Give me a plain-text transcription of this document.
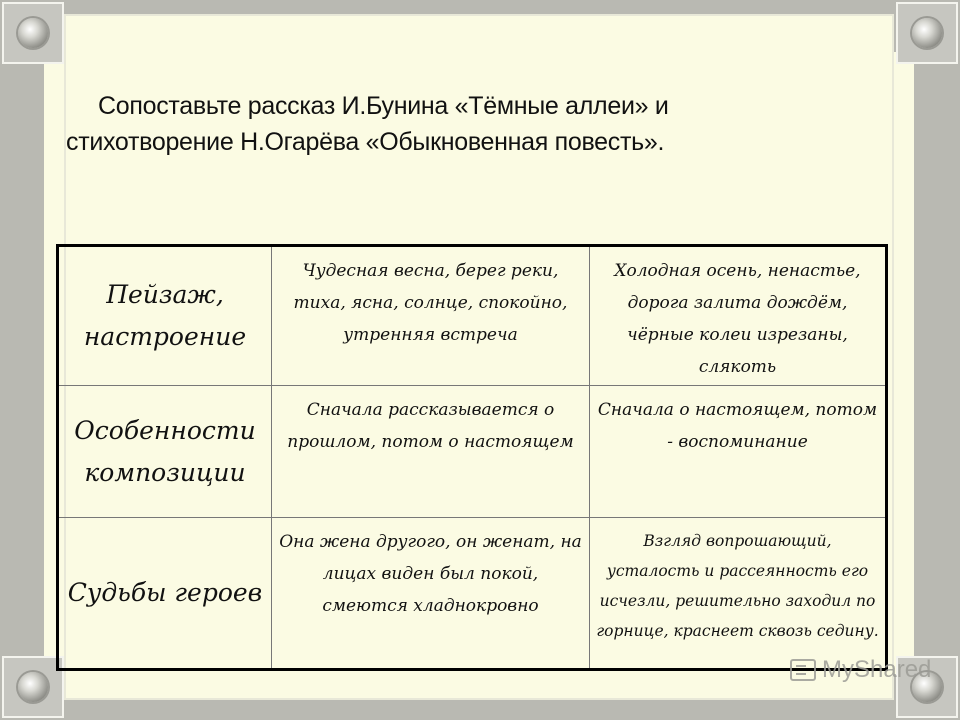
Сопоставьте рассказ И.Бунина «Тёмные аллеи» и
стихотворение Н.Огарёва «Обыкновенная повесть».
Пейзаж, настроение	Чудесная весна, берег реки, тиха, ясна, солнце, спокойно, утренняя встреча	Холодная осень, ненастье, дорога залита дождём, чёрные колеи изрезаны, слякоть
Особенности композиции	Сначала рассказывается о прошлом, потом о настоящем	Сначала о настоящем, потом - воспоминание
Судьбы героев	Она жена другого, он женат, на лицах виден был покой, смеются хладнокровно	Взгляд вопрошающий, усталость и рассеянность его исчезли, решительно заходил по горнице, краснеет сквозь седину.
MyShared
